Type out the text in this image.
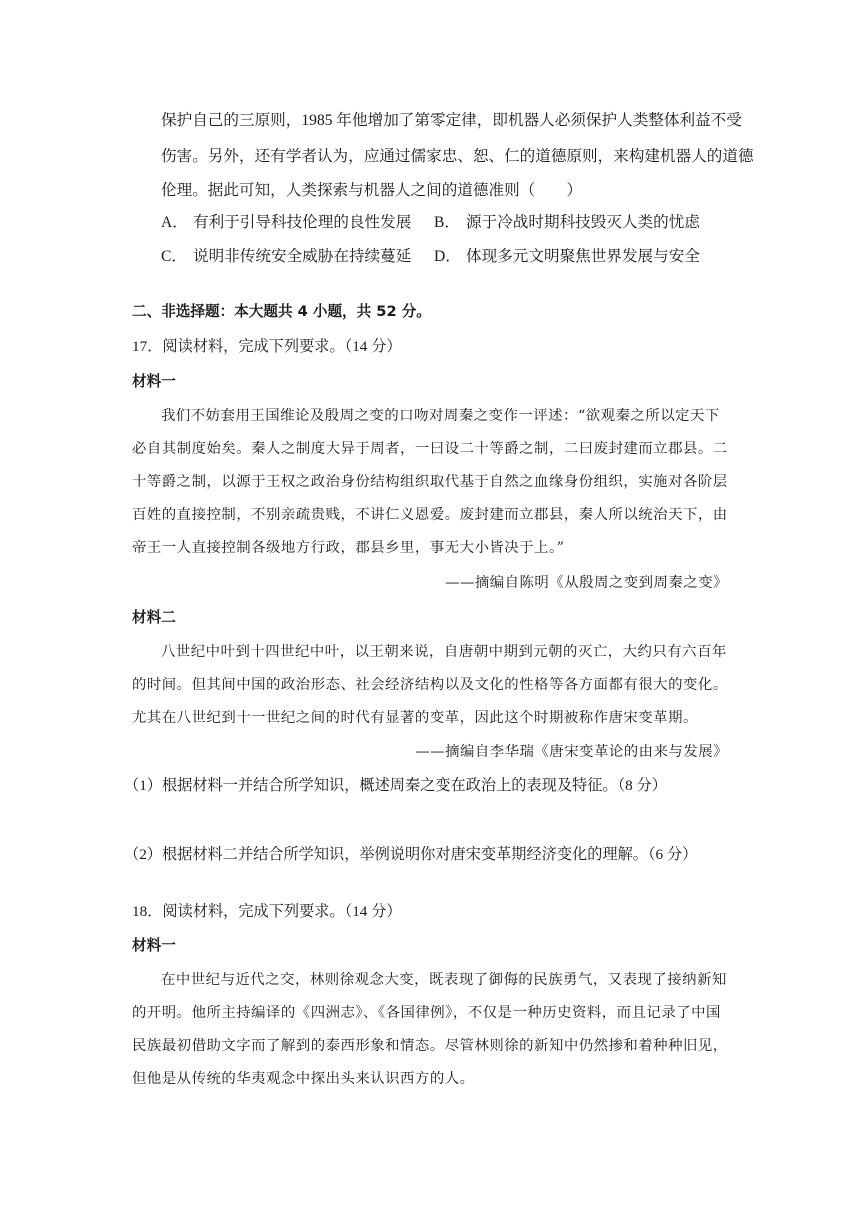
保护自己的三原则，1985 年他增加了第零定律，即机器人必须保护人类整体利益不受
伤害。另外，还有学者认为，应通过儒家忠、恕、仁的道德原则，来构建机器人的道德
伦理。据此可知，人类探索与机器人之间的道德准则（　　）
A． 有利于引导科技伦理的良性发展 B． 源于冷战时期科技毁灭人类的忧虑
C． 说明非传统安全威胁在持续蔓延 D． 体现多元文明聚焦世界发展与安全
二、非选择题：本大题共 4 小题，共 52 分。
17．阅读材料，完成下列要求。（14 分）
材料一
我们不妨套用王国维论及殷周之变的口吻对周秦之变作一评述：“欲观秦之所以定天下
必自其制度始矣。秦人之制度大异于周者，一曰设二十等爵之制，二曰废封建而立郡县。二
十等爵之制，以源于王权之政治身份结构组织取代基于自然之血缘身份组织，实施对各阶层
百姓的直接控制，不别亲疏贵贱，不讲仁义恩爱。废封建而立郡县，秦人所以统治天下，由
帝王一人直接控制各级地方行政，郡县乡里，事无大小皆决于上。”
——摘编自陈明《从殷周之变到周秦之变》
材料二
八世纪中叶到十四世纪中叶，以王朝来说，自唐朝中期到元朝的灭亡，大约只有六百年
的时间。但其间中国的政治形态、社会经济结构以及文化的性格等各方面都有很大的变化。
尤其在八世纪到十一世纪之间的时代有显著的变革，因此这个时期被称作唐宋变革期。
——摘编自李华瑞《唐宋变革论的由来与发展》
（1）根据材料一并结合所学知识，概述周秦之变在政治上的表现及特征。（8 分）
（2）根据材料二并结合所学知识，举例说明你对唐宋变革期经济变化的理解。（6 分）
18．阅读材料，完成下列要求。（14 分）
材料一
在中世纪与近代之交，林则徐观念大变，既表现了御侮的民族勇气，又表现了接纳新知
的开明。他所主持编译的《四洲志》、《各国律例》，不仅是一种历史资料，而且记录了中国
民族最初借助文字而了解到的泰西形象和情态。尽管林则徐的新知中仍然掺和着种种旧见，
但他是从传统的华夷观念中探出头来认识西方的人。
